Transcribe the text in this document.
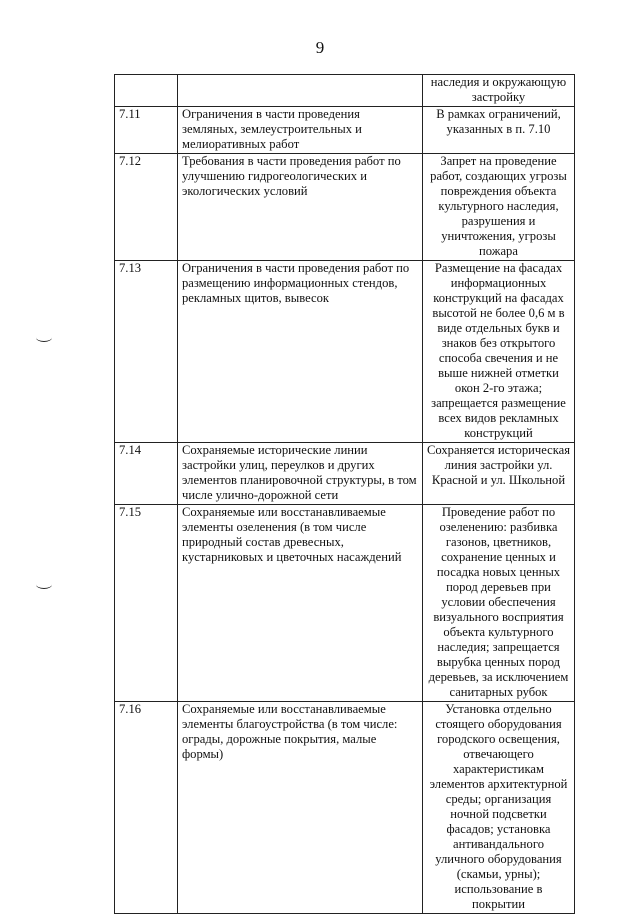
9
		наследия и окружающую застройку
7.11	Ограничения в части проведения земляных, землеустроительных и мелиоративных работ	В рамках ограничений, указанных в п. 7.10
7.12	Требования в части проведения работ по улучшению гидрогеологических и экологических условий	Запрет на проведение работ, создающих угрозы повреждения объекта культурного наследия, разрушения и уничтожения, угрозы пожара
7.13	Ограничения в части проведения работ по размещению информационных стендов, рекламных щитов, вывесок	Размещение на фасадах информационных конструкций на фасадах высотой не более 0,6 м в виде отдельных букв и знаков без открытого способа свечения и не выше нижней отметки окон 2-го этажа; запрещается размещение всех видов рекламных конструкций
7.14	Сохраняемые исторические линии застройки улиц, переулков и других элементов планировочной структуры, в том числе улично-дорожной сети	Сохраняется историческая линия застройки ул. Красной и ул. Школьной
7.15	Сохраняемые или восстанавливаемые элементы озеленения (в том числе природный состав древесных, кустарниковых и цветочных насаждений	Проведение работ по озеленению: разбивка газонов, цветников, сохранение ценных и посадка новых ценных пород деревьев при условии обеспечения визуального восприятия объекта культурного наследия; запрещается вырубка ценных пород деревьев, за исключением санитарных рубок
7.16	Сохраняемые или восстанавливаемые элементы благоустройства (в том числе: ограды, дорожные покрытия, малые формы)	Установка отдельно стоящего оборудования городского освещения, отвечающего характеристикам элементов архитектурной среды; организация ночной подсветки фасадов; установка антивандального уличного оборудования (скамьи, урны); использование в покрытии
